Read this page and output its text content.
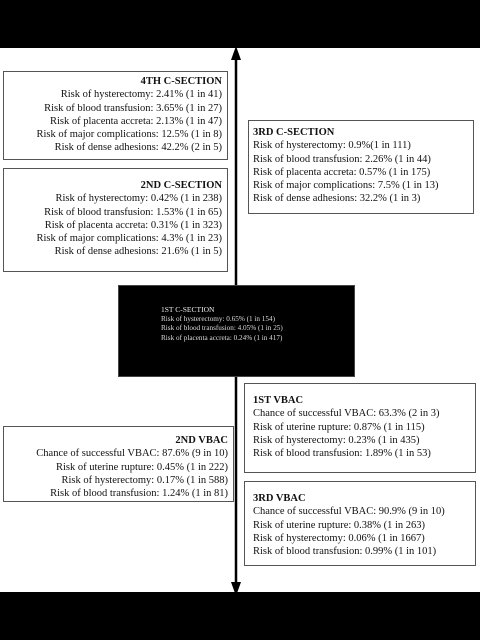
4TH C-SECTION
Risk of hysterectomy: 2.41% (1 in 41)
Risk of blood transfusion: 3.65% (1 in 27)
Risk of placenta accreta: 2.13% (1 in 47)
Risk of major complications: 12.5% (1 in 8)
Risk of dense adhesions: 42.2% (2 in 5)
3RD C-SECTION
Risk of hysterectomy: 0.9%(1 in 111)
Risk of blood transfusion: 2.26% (1 in 44)
Risk of placenta accreta: 0.57% (1 in 175)
Risk of major complications: 7.5% (1 in 13)
Risk of dense adhesions: 32.2% (1 in 3)
2ND C-SECTION
Risk of hysterectomy: 0.42% (1 in 238)
Risk of blood transfusion: 1.53% (1 in 65)
Risk of placenta accreta: 0.31% (1 in 323)
Risk of major complications: 4.3% (1 in 23)
Risk of dense adhesions: 21.6% (1 in 5)
1ST C-SECTION
Risk of hysterectomy: 0.65% (1 in 154)
Risk of blood transfusion: 4.05% (1 in 25)
Risk of placenta accreta: 0.24% (1 in 417)
1ST VBAC
Chance of successful VBAC: 63.3% (2 in 3)
Risk of uterine rupture: 0.87% (1 in 115)
Risk of hysterectomy: 0.23% (1 in 435)
Risk of blood transfusion: 1.89% (1 in 53)
2ND VBAC
Chance of successful VBAC: 87.6% (9 in 10)
Risk of uterine rupture: 0.45% (1 in 222)
Risk of hysterectomy: 0.17% (1 in 588)
Risk of blood transfusion: 1.24% (1 in 81) 3RD VBAC
Chance of successful VBAC: 90.9% (9 in 10)
Risk of uterine rupture: 0.38% (1 in 263)
Risk of hysterectomy: 0.06% (1 in 1667)
Risk of blood transfusion: 0.99% (1 in 101)
